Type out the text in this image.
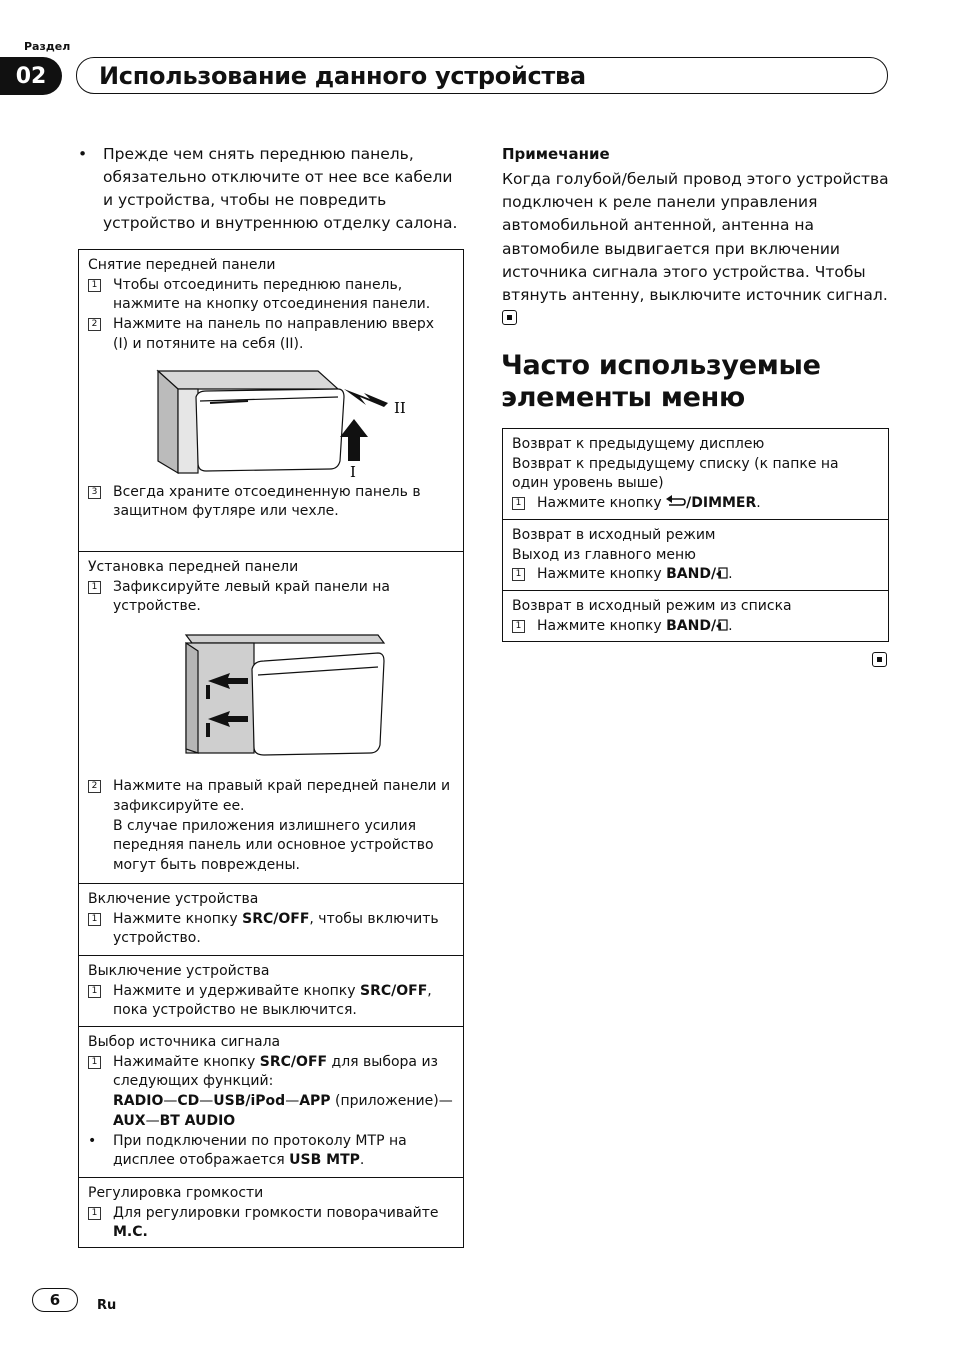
Раздел
02	Использование данного устройства
• Прежде чем снять переднюю панель, обязательно отключите от нее все кабели и устройства, чтобы не повредить устройство и внутреннюю отделку салона.
Снятие передней панели
1 Чтобы отсоединить переднюю панель, нажмите на кнопку отсоединения панели.
2 Нажмите на панель по направлению вверх (I) и потяните на себя (II).
II
I
3 Всегда храните отсоединенную панель в защитном футляре или чехле.
Установка передней панели
1 Зафиксируйте левый край панели на устройстве.
2 Нажмите на правый край передней панели и зафиксируйте ее.
В случае приложения излишнего усилия передняя панель или основное устройство могут быть повреждены.
Включение устройства
1 Нажмите кнопку SRC/OFF, чтобы включить устройство.
Выключение устройства
1 Нажмите и удерживайте кнопку SRC/OFF, пока устройство не выключится.
Выбор источника сигнала
1 Нажимайте кнопку SRC/OFF для выбора из следующих функций:
RADIO—CD—USB/iPod—APP (приложение)—
AUX—BT AUDIO
•	При подключении по протоколу MTP на дисплее отображается USB MTP.
Регулировка громкости
1 Для регулировки громкости поворачивайте M.C.
Примечание
Когда голубой/белый провод этого устройства подключен к реле панели управления автомобильной антенной, антенна на автомобиле выдвигается при включении источника сигнала этого устройства. Чтобы втянуть антенну, выключите источник сигнал.
Часто используемые
элементы меню
Возврат к предыдущему дисплею
Возврат к предыдущему списку (к папке на один уровень выше)
1 Нажмите кнопку /DIMMER.
Возврат в исходный режим
Выход из главного меню
1 Нажмите кнопку BAND/ .
Возврат в исходный режим из списка
1 Нажмите кнопку BAND/ .
6	Ru
